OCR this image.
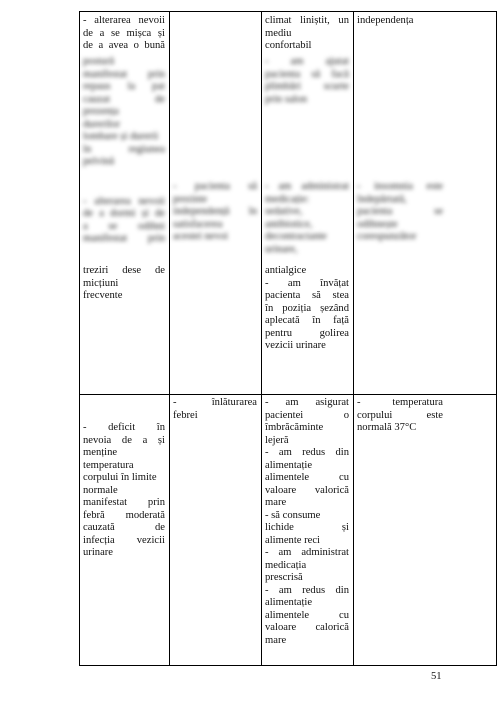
- alterarea nevoii
de a se mișca și
de a avea o bună
postură
manifestat prin
repaus la pat
cauzat de
prezența
durerilor
lombare și durerii
în regiunea
pelvină
- alterarea nevoii
de a dormi și de
a se odihni
manifestat prin
treziri dese de
micțiuni
frecvente
- pacienta să
prezinte
independență în
satisfacerea
acestei nevoi
climat liniștit, un
mediu
confortabil
- am ajutat
pacienta să facă
plimbări scurte
prin salon
- am administrat
medicație:
sedative,
antibiotice,
decontractante
urinare,
antialgice
- am învățat
pacienta să stea
în poziția șezând
aplecată în față
pentru golirea
vezicii urinare
independența
- insomnia este
îndepărtată,
pacienta se
odihnește
corespunzător
- deficit în
nevoia de a și
menține
temperatura
corpului în limite
normale
manifestat prin
febră moderată
cauzată de
infecția vezicii
urinare
- înlăturarea
febrei
- am asigurat
pacientei o
îmbrăcăminte
lejeră
- am redus din
alimentație
alimentele cu
valoare valorică
mare
- să consume
lichide și
alimente reci
- am administrat
medicația
prescrisă
- am redus din
alimentație
alimentele cu
valoare calorică
mare
- temperatura
corpului este
normală 37°C
51
